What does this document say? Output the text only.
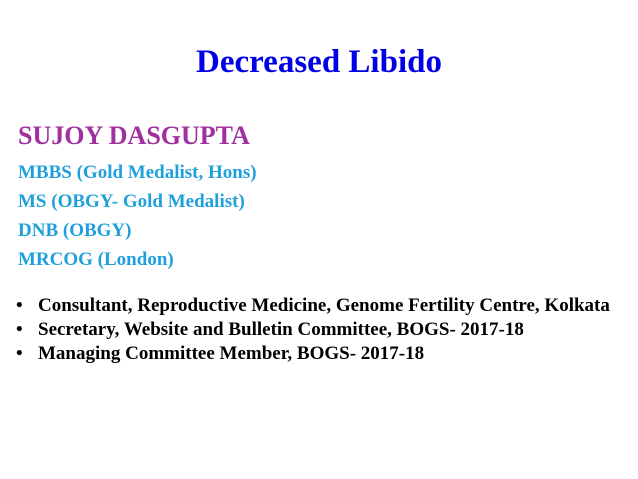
Decreased Libido
SUJOY DASGUPTA
MBBS (Gold Medalist, Hons)
MS (OBGY- Gold Medalist)
DNB (OBGY)
MRCOG (London)
• Consultant, Reproductive Medicine, Genome Fertility Centre, Kolkata
• Secretary, Website and Bulletin Committee, BOGS- 2017-18
• Managing Committee Member, BOGS- 2017-18
